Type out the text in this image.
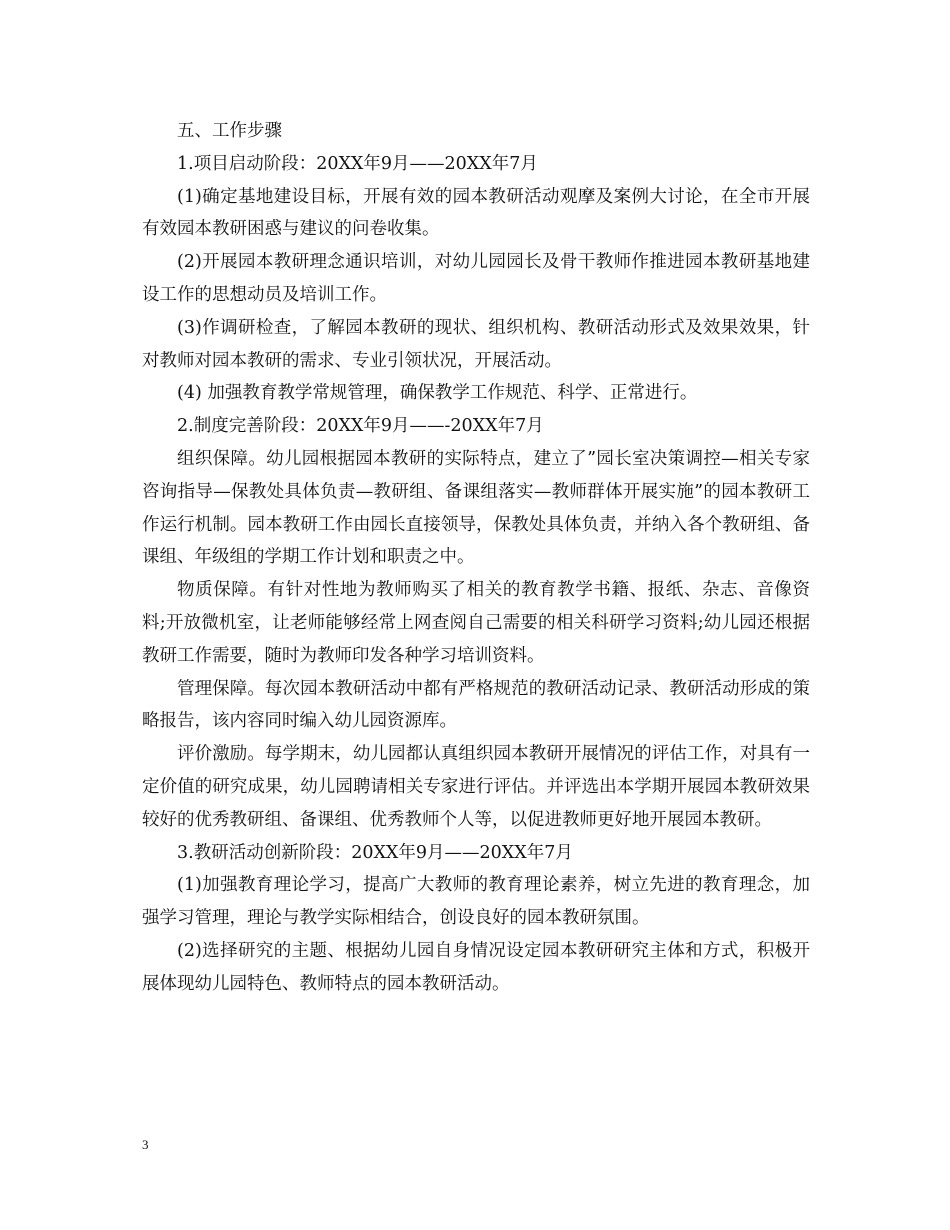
五、工作步骤

1.项目启动阶段：20XX年9月——20XX年7月

(1)确定基地建设目标，开展有效的园本教研活动观摩及案例大讨论，在全市开展有效园本教研困惑与建议的问卷收集。

(2)开展园本教研理念通识培训，对幼儿园园长及骨干教师作推进园本教研基地建设工作的思想动员及培训工作。

(3)作调研检查，了解园本教研的现状、组织机构、教研活动形式及效果效果，针对教师对园本教研的需求、专业引领状况，开展活动。

(4) 加强教育教学常规管理，确保教学工作规范、科学、正常进行。

2.制度完善阶段：20XX年9月——-20XX年7月

组织保障。幼儿园根据园本教研的实际特点，建立了”园长室决策调控—相关专家咨询指导—保教处具体负责—教研组、备课组落实—教师群体开展实施”的园本教研工作运行机制。园本教研工作由园长直接领导，保教处具体负责，并纳入各个教研组、备课组、年级组的学期工作计划和职责之中。

物质保障。有针对性地为教师购买了相关的教育教学书籍、报纸、杂志、音像资料;开放微机室，让老师能够经常上网查阅自己需要的相关科研学习资料;幼儿园还根据教研工作需要，随时为教师印发各种学习培训资料。

管理保障。每次园本教研活动中都有严格规范的教研活动记录、教研活动形成的策略报告，该内容同时编入幼儿园资源库。

评价激励。每学期末，幼儿园都认真组织园本教研开展情况的评估工作，对具有一定价值的研究成果，幼儿园聘请相关专家进行评估。并评选出本学期开展园本教研效果较好的优秀教研组、备课组、优秀教师个人等，以促进教师更好地开展园本教研。

3.教研活动创新阶段：20XX年9月——20XX年7月

(1)加强教育理论学习，提高广大教师的教育理论素养，树立先进的教育理念，加强学习管理，理论与教学实际相结合，创设良好的园本教研氛围。

(2)选择研究的主题、根据幼儿园自身情况设定园本教研研究主体和方式，积极开展体现幼儿园特色、教师特点的园本教研活动。

3
